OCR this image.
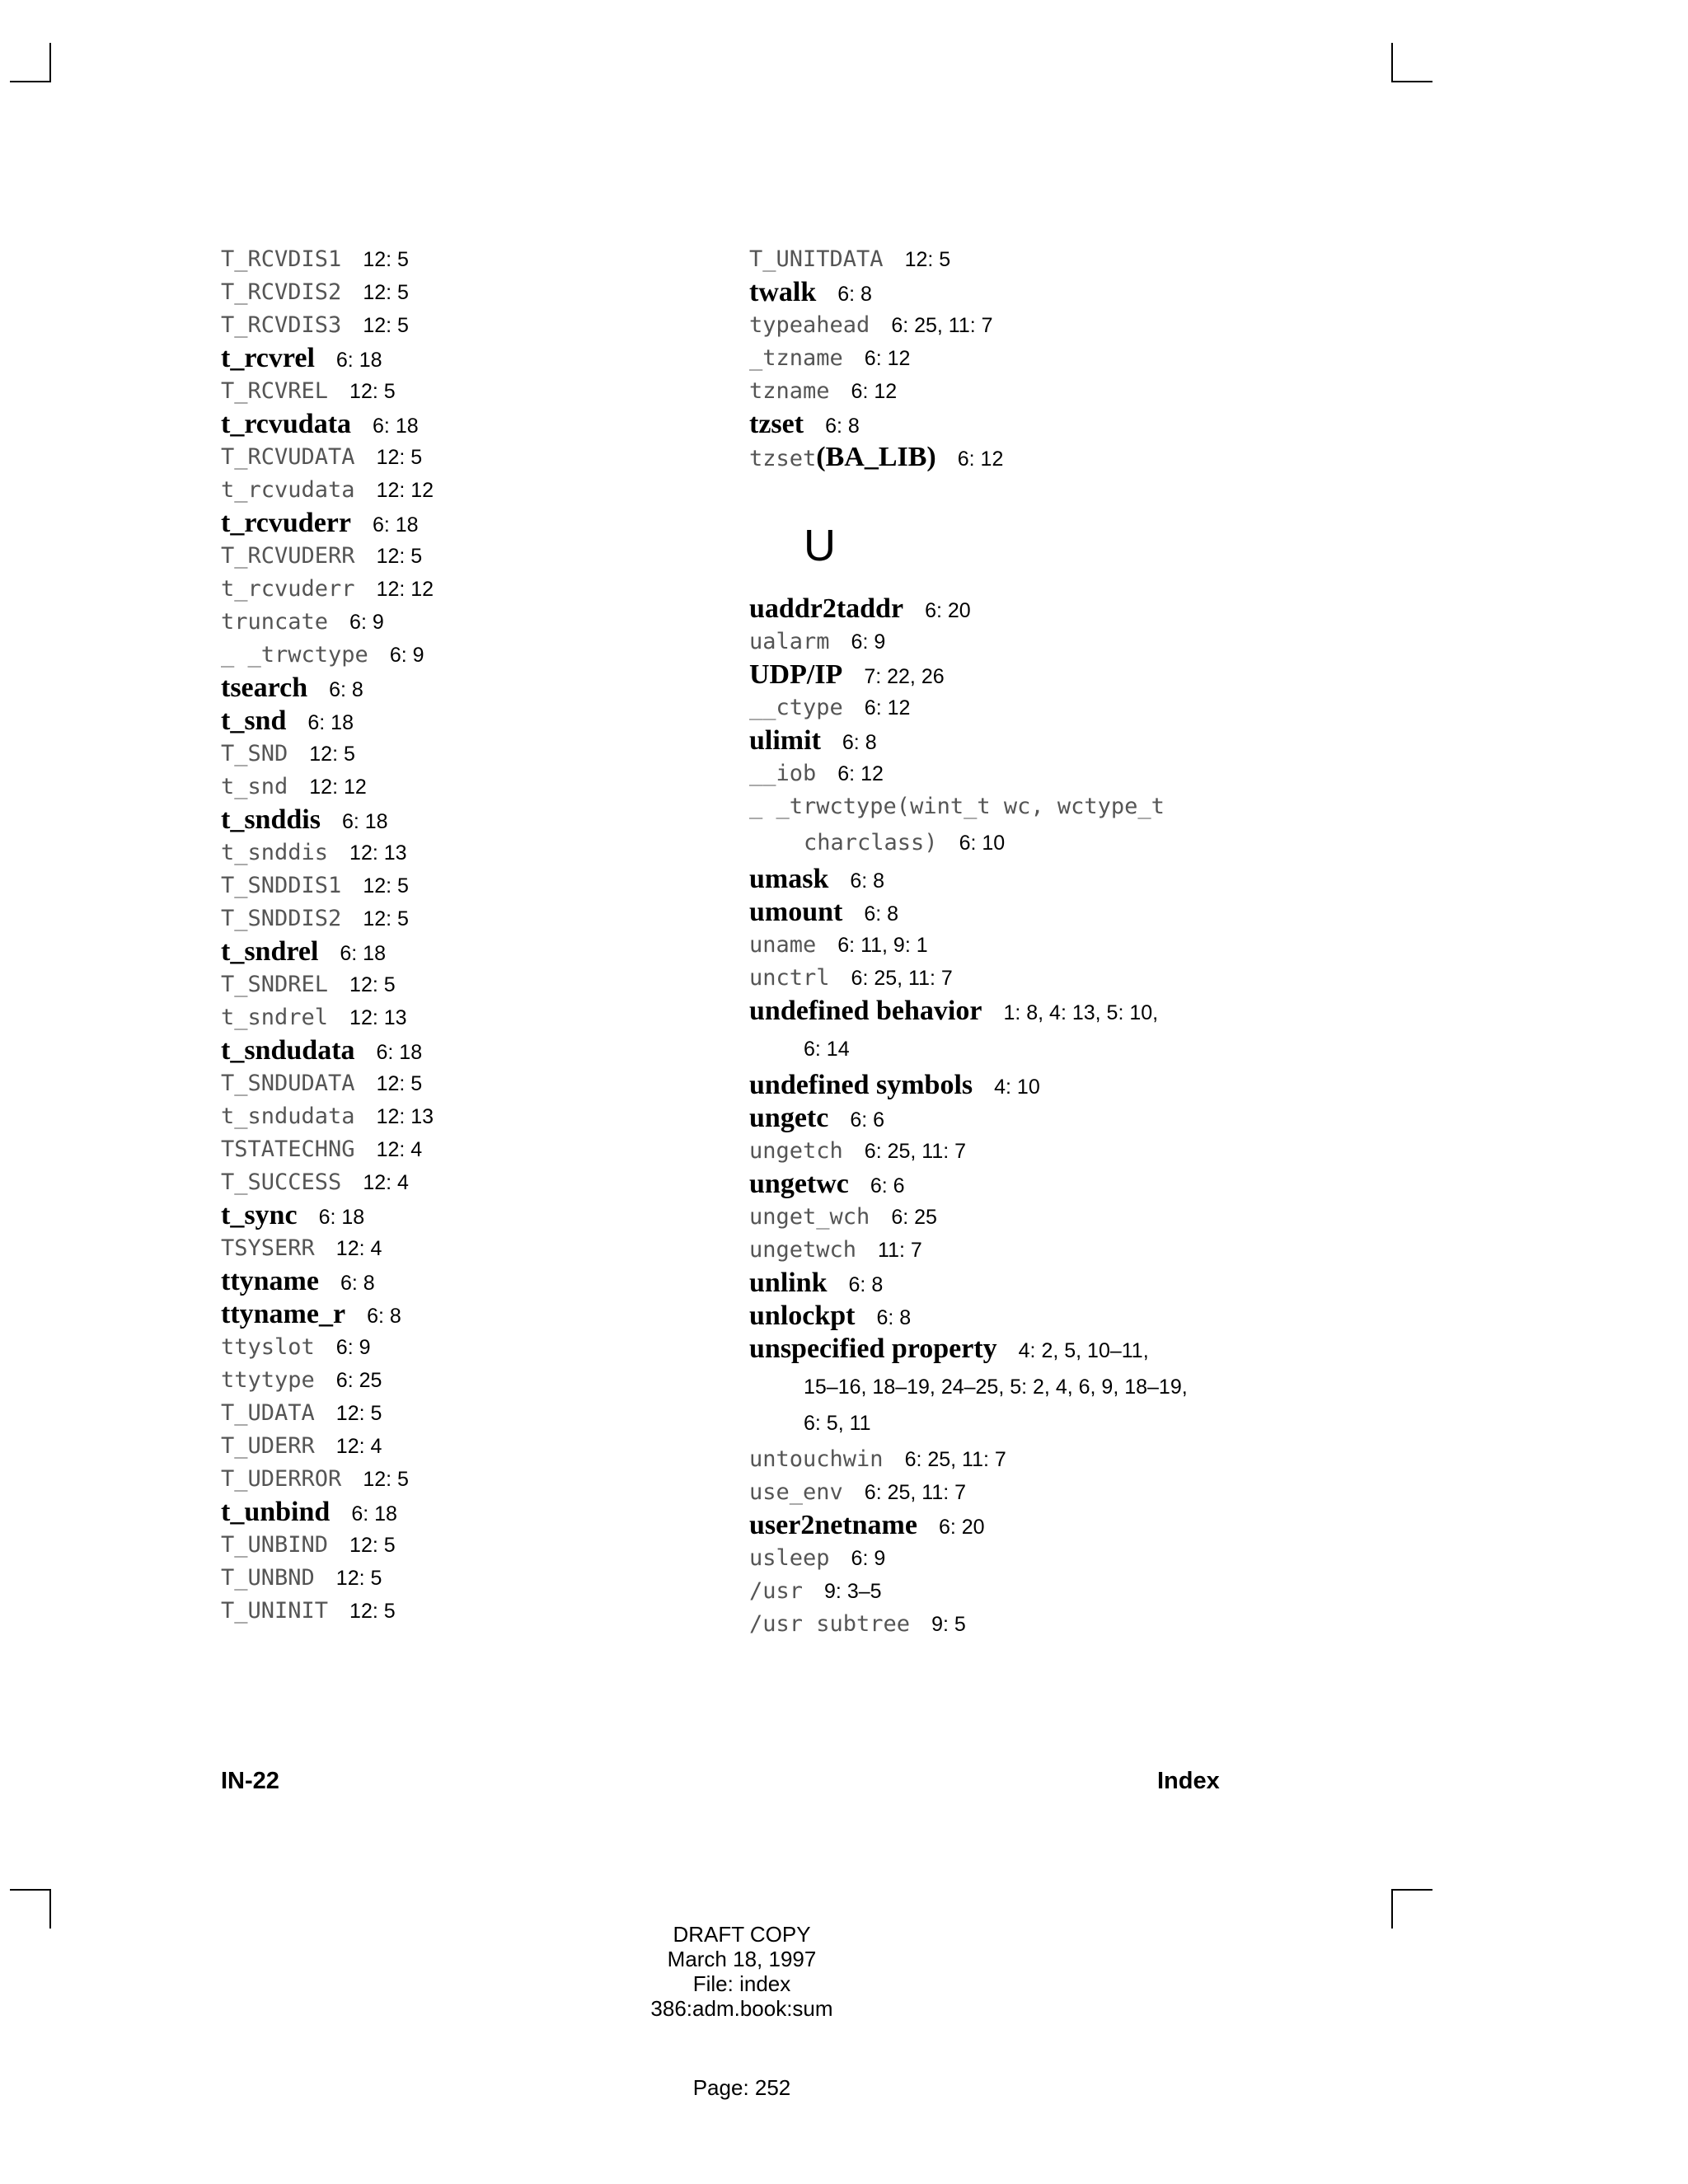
T_RCVDIS1 12: 5
T_RCVDIS2 12: 5
T_RCVDIS3 12: 5
t_rcvrel 6: 18
T_RCVREL 12: 5
t_rcvudata 6: 18
T_RCVUDATA 12: 5
t_rcvudata 12: 12
t_rcvuderr 6: 18
T_RCVUDERR 12: 5
t_rcvuderr 12: 12
truncate 6: 9
_ _trwctype 6: 9
tsearch 6: 8
t_snd 6: 18
T_SND 12: 5
t_snd 12: 12
t_snddis 6: 18
t_snddis 12: 13
T_SNDDIS1 12: 5
T_SNDDIS2 12: 5
t_sndrel 6: 18
T_SNDREL 12: 5
t_sndrel 12: 13
t_sndudata 6: 18
T_SNDUDATA 12: 5
t_sndudata 12: 13
TSTATECHNG 12: 4
T_SUCCESS 12: 4
t_sync 6: 18
TSYSERR 12: 4
ttyname 6: 8
ttyname_r 6: 8
ttyslot 6: 9
ttytype 6: 25
T_UDATA 12: 5
T_UDERR 12: 4
T_UDERROR 12: 5
t_unbind 6: 18
T_UNBIND 12: 5
T_UNBND 12: 5
T_UNINIT 12: 5
T_UNITDATA 12: 5
twalk 6: 8
typeahead 6: 25, 11: 7
_tzname 6: 12
tzname 6: 12
tzset 6: 8
tzset(BA_LIB) 6: 12
U
uaddr2taddr 6: 20
ualarm 6: 9
UDP/IP 7: 22, 26
__ctype 6: 12
ulimit 6: 8
__iob 6: 12
_ _trwctype(wint_t wc, wctype_t
charclass) 6: 10
umask 6: 8
umount 6: 8
uname 6: 11, 9: 1
unctrl 6: 25, 11: 7
undefined behavior 1: 8, 4: 13, 5: 10,
6: 14
undefined symbols 4: 10
ungetc 6: 6
ungetch 6: 25, 11: 7
ungetwc 6: 6
unget_wch 6: 25
ungetwch 11: 7
unlink 6: 8
unlockpt 6: 8
unspecified property 4: 2, 5, 10–11,
15–16, 18–19, 24–25, 5: 2, 4, 6, 9, 18–19,
6: 5, 11
untouchwin 6: 25, 11: 7
use_env 6: 25, 11: 7
user2netname 6: 20
usleep 6: 9
/usr 9: 3–5
/usr subtree 9: 5
IN-22	Index
DRAFT COPY
March 18, 1997
File: index
386:adm.book:sum
Page: 252
